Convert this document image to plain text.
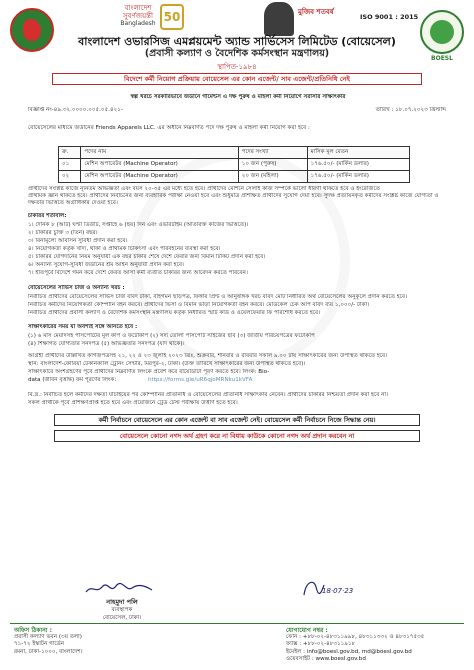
বাংলাদেশ সুবর্ণজয়ন্তী
Bangladesh 50	মুজিব শতবর্ষ
ISO 9001 : 2015
BOESL
বাংলাদেশ ওভারসিজ এমপ্লয়মেন্ট অ্যান্ড সার্ভিসেস লিমিটেড (বোয়েসেল)
(প্রবাসী কল্যাণ ও বৈদেশিক কর্মসংস্থান মন্ত্রণালয়)
স্থাপিত-১৯৮৪
বিদেশে কর্মী নিয়োগ প্রক্রিয়ায় বোয়েসেল এর কোন এজেন্ট/ সাব এজেন্ট/প্রতিনিধি নেই
স্বল্প খরচে সরকারিভাবে জর্ডানে গার্মেন্টস এ দক্ষ পুরুষ ও মহিলা কর্মী নিয়োগে সরাসরি সাক্ষাৎকার
বিজ্ঞপ্তি নং-৪৯.৩২.০০০০.০০৫.০৫.৪২১-	তারিখ : ১৮.০৭.২০২৩ খ্রিস্টাব্দ
বোয়েসেলের মাধ্যমে জর্ডানের Friends Apparels LLC. এর অধীনে নিম্নবর্ণিত পদে দক্ষ পুরুষ ও মহিলা কর্মী নিয়োগ করা হবে :
ক্র.	পদের নাম	পদের সংখ্যা	মাসিক মূল বেতন
০১	মেশিন অপারেটর (Machine Operator)	১০ জন (পুরুষ)	১৭৬.৫০/- (মার্কিন ডলার)
০২	মেশিন অপারেটর (Machine Operator)	২০ জন (মহিলা)	১৭৬.৫০/- (মার্কিন ডলার)
প্রার্থীদের সংশ্লিষ্ট কাজে ন্যূনতম অভিজ্ঞতা এবং বয়স ২০-৩৫ এর মধ্যে হতে হবে। প্রার্থীদের মেশিনে সেলাই কাজ সম্পর্কে ভালো ধারণা থাকতে হবে ও ইংরেজিতে
প্রাথমিক জ্ঞান থাকতে হবে। প্রার্থীদের নির্বাচনের জন্য ব্যবহারিক পরীক্ষা নেওয়া হবে এবং শুধুমাত্র প্রশিক্ষিত প্রার্থীদের সুযোগ দেয়া হবে। সুদক্ষ প্রত্যায়নকৃত কর্মীদের সংশ্লিষ্ট কাজে যোগ্যতা ও
দক্ষতার ভিত্তিতে অগ্রাধিকার দেওয়া হবে।
চাকরির শর্তাবলি:
১। দৈনিক ৮ (আট) ঘণ্টা ডিউটি, সপ্তাহে ৬ (ছয়) দিন এবং ওভারটাইম (অতিরিক্ত কাজের ভিত্তিতে)।
২। চাকরির চুক্তি ৩ (তিন) বছর।
৩। বিনামূল্যে আবাসন সুবিধা প্রদান করা হবে।
৪। নিয়োগকর্তা কর্তৃক খাদ্য, থাকা ও প্রাথমিক চিকিৎসা এবং পরিবহনের ব্যবস্থা করা হবে।
৫। চাকরির যোগদানের নিয়ম অনুযায়ী এক বছর চাকরি শেষে দেশে ফেরার জন্য বিমান টিকিট প্রদান করা হবে।
৬। অন্যান্য সুযোগ-সুবিধা জর্ডানের শ্রম আইন অনুযায়ী প্রদান করা হবে।
৭। ইতিপূর্বে বিদেশে গমন করে দেশে ফেরত আসা কর্মী ব্যতীত চাকরির জন্য আবেদন করতে পারবেন।
বোয়েসেলের সার্ভিস চার্জ ও অন্যান্য খরচ :
নির্বাচিত প্রার্থীদের বোয়েসেলের সার্ভিস চার্জ বাবদ টাকা, বহির্গমন ছাড়পত্র, ফিঙ্গার প্রিন্ট ও আনুষঙ্গিক খরচ বাবদ মোট নির্ধারিত অর্থ বোয়েসেলের অনুকূলে প্রদান করতে হবে।
নির্বাচিত কর্মীদের নিয়োগকর্তা কোম্পানি বহন করবে। প্রার্থীদের ভিসা ও বিমান ভাড়া নিয়োগকর্তা বহন করবে। মেডিকেল চেক আপ বাবদ ব্যয় ১,০০০/- টাকা।
নির্বাচিত প্রার্থীদের প্রবাসী কল্যাণ ও বৈদেশিক কর্মসংস্থান মন্ত্রণালয় কর্তৃক নির্ধারিত স্মার্ট কার্ড ও ওয়েলফেয়ার ফি পরিশোধ করতে হবে।
সাক্ষাৎকারের সময় যা অবশ্যই সঙ্গে আনতে হবে :
(১) ৬ মাস মেয়াদসহ পাসপোর্টের মূল কপি ও ফটোকপি (২) সদ্য তোলা পাসপোর্ট সাইজের ছবি (৩) জাতীয় পরিচয়পত্রের ফটোকপি
(৪) শিক্ষাগত যোগ্যতার সনদপত্র (৫) অভিজ্ঞতার সনদপত্র (যদি থাকে)।
আগ্রহী প্রার্থীদের উল্লিখিত কাগজপত্রসহ ২১, ২২ ও ২৩ জুলাই ২০২৩ খ্রিঃ, শুক্রবার, শনিবার ও রবিবার সকাল ৯.০০ টায় সাক্ষাৎকারের জন্য উপস্থিত থাকতে হবে।
স্থান: বাংলাদেশ-কোরিয়া টেকনিক্যাল ট্রেনিং সেন্টার, মিরপুর-২, ঢাকা। (উক্ত তারিখে সাক্ষাৎকারের জন্য উপস্থিত থাকতে হবে)।
সাক্ষাৎকারে অংশগ্রহণের পূর্বে প্রার্থীদের নিম্নবর্ণিত লিংকে প্রবেশ করে বায়োডাটা পূরণ করতে হবে। লিংক: Bio-
data (জীবন বৃত্তান্ত) ফর্ম পূরণের লিংক:	https://forms.gle/uR6qjoMRNku1kVFA
বি.দ্র.: নির্বাচিত হলে কর্মীদের দক্ষতা যাচাইয়ের পর কোম্পানির প্রতিনিধি ও বোয়েসেলের প্রতিনিধি সাক্ষাৎকার নেবেন। প্রার্থীদের চাকরির নিশ্চয়তা প্রদান করা হবে না।
সকল প্রার্থীকে পূর্বে প্রশিক্ষণপ্রাপ্ত হতে হবে এবং প্রয়োজনে ট্রেড টেস্ট পরীক্ষায় উত্তীর্ণ হতে হবে।
কর্মী নির্বাচনে বোয়েসেলে এর কোন এজেন্ট বা সাব এজেন্ট নেই। বোয়েসেল কর্মী নির্বাচনে নিজে সিদ্ধান্ত নেয়।
বোয়েসেলে কোনো নগদ অর্থ গ্রহণ করে না বিধায় কাউকে কোনো নগদ অর্থ প্রদান করবেন না
নাহমুদা পলি
ব্যবস্থাপক
বোয়েসেল, ঢাকা।
18·07·23
অফিস ঠিকানা :
প্রবাসী কল্যাণ ভবন (৩য় তলা)
৭১-৭২ ইস্কাটন গার্ডেন
রমনা, ঢাকা-১০০০, বাংলাদেশ।
যোগাযোগ নম্বর :
ফোন : +৮৮-০২-৪৮৩১১৯৯৮, ৪৮৩১১৩৩২ ও ৪৮৩১৭৫৩৫
ফ্যাক্স : +৮৮-০২-৪৮৩১১৯১৮
ইমেইল : info@boesl.gov.bd, md@boesl.gov.bd
ওয়েবসাইট : www.boesl.gov.bd
